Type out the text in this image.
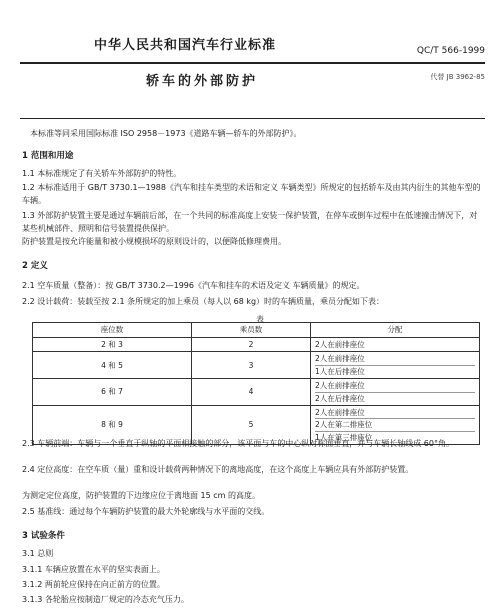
中华人民共和国汽车行业标准	QC/T 566-1999
轿车的外部防护	代替 JB 3962-85
本标准等同采用国际标准 ISO 2958－1973《道路车辆—轿车的外部防护》。
1 范围和用途
1.1 本标准规定了有关轿车外部防护的特性。
1.2 本标准适用于 GB/T 3730.1—1988《汽车和挂车类型的术语和定义 车辆类型》所规定的包括轿车及由其内衍生的其他车型的车辆。
1.3 外部防护装置主要是通过车辆前后部，在一个共同的标准高度上安装一保护装置，在停车或倒车过程中在低速撞击情况下，对某些机械部件、照明和信号装置提供保护。
防护装置是按允许能量和被小规模损坏的原则设计的，以便降低修理费用。
2 定义
2.1 空车质量（整备）：按 GB/T 3730.2—1996《汽车和挂车的术语及定义 车辆质量》的规定。
2.2 设计载荷：装载至按 2.1 条所规定的加上乘员（每人以 68 kg）时的车辆质量，乘员分配如下表：
表
座位数	乘员数	分配
2 和 3	2	2人在前排座位

4 和 5	3	2人在前排座位
1人在后排座位

6 和 7	4	2人在前排座位
2人在后排座位

8 和 9	5	2人在前排座位
2人在第二排座位
1人在第三排座位
2.3 车辆前端：车辆与一个垂直于纵轴的平面相接触的部分，该平面与车的中心纵对称面垂直，并与车辆长轴线成 60°角。
2.4 定位高度：在空车质（量）重和设计载荷两种情况下的离地高度，在这个高度上车辆应具有外部防护装置。
为测定定位高度，防护装置的下边缘应位于离地面 15 cm 的高度。
2.5 基准线：通过每个车辆防护装置的最大外轮廓线与水平面的交线。
3 试验条件
3.1 总则
3.1.1 车辆应放置在水平的坚实表面上。
3.1.2 两前轮应保持在向正前方的位置。
3.1.3 各轮胎应按制造厂规定的冷态充气压力。
